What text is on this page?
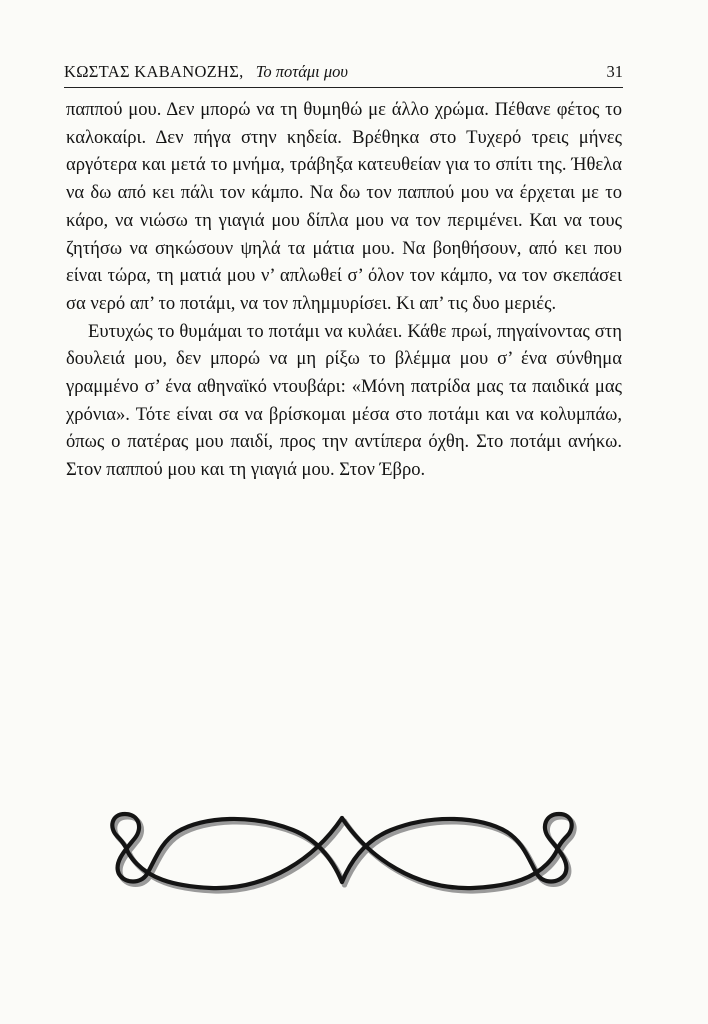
ΚΩΣΤΑΣ ΚΑΒΑΝΟΖΗΣ, Το ποτάμι μου	31

παππού μου. Δεν μπορώ να τη θυμηθώ με άλλο χρώμα. Πέθανε φέτος το καλοκαίρι. Δεν πήγα στην κηδεία. Βρέθηκα στο Τυχερό τρεις μήνες αργότερα και μετά το μνήμα, τράβηξα κατευθείαν για το σπίτι της. Ήθελα να δω από κει πάλι τον κάμπο. Να δω τον παππού μου να έρχεται με το κάρο, να νιώσω τη γιαγιά μου δίπλα μου να τον περιμένει. Και να τους ζητήσω να σηκώσουν ψηλά τα μάτια μου. Να βοηθήσουν, από κει που είναι τώρα, τη ματιά μου ν’ απλωθεί σ’ όλον τον κάμπο, να τον σκεπάσει σα νερό απ’ το ποτάμι, να τον πλημμυρίσει. Κι απ’ τις δυο μεριές.

Ευτυχώς το θυμάμαι το ποτάμι να κυλάει. Κάθε πρωί, πηγαίνοντας στη δουλειά μου, δεν μπορώ να μη ρίξω το βλέμμα μου σ’ ένα σύνθημα γραμμένο σ’ ένα αθηναϊκό ντουβάρι: «Μόνη πατρίδα μας τα παιδικά μας χρόνια». Τότε είναι σα να βρίσκομαι μέσα στο ποτάμι και να κολυμπάω, όπως ο πατέρας μου παιδί, προς την αντίπερα όχθη. Στο ποτάμι ανήκω. Στον παππού μου και τη γιαγιά μου. Στον Έβρο.
